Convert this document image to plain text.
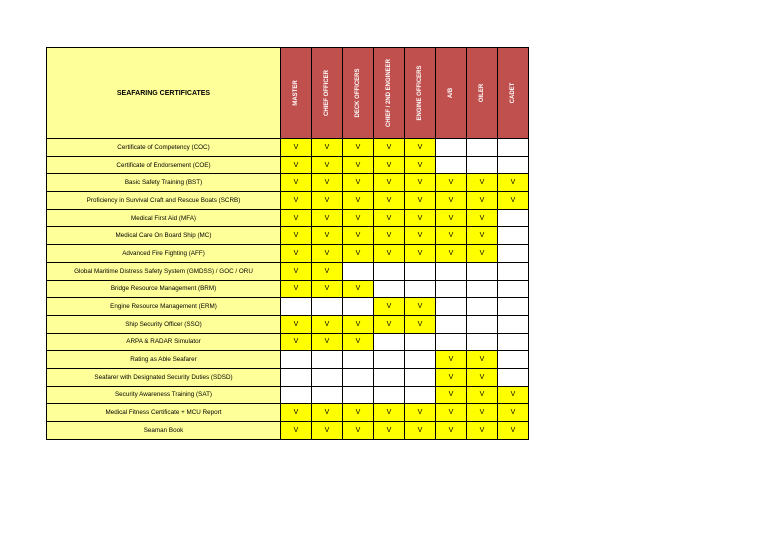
SEAFARING CERTIFICATES	MASTER	CHIEF OFFICER	DECK OFFICERS	CHIEF / 2ND ENGINEER	ENGINE OFFICERS	A/B	OILER	CADET

Certificate of Competency (COC)	V	V	V	V	V			
Certificate of Endorsement (COE)	V	V	V	V	V			
Basic Safety Training (BST)	V	V	V	V	V	V	V	V
Proficiency in Survival Craft and Rescue Boats (SCRB)	V	V	V	V	V	V	V	V
Medical First Aid (MFA)	V	V	V	V	V	V	V	
Medical Care On Board Ship (MC)	V	V	V	V	V	V	V	
Advanced Fire Fighting (AFF)	V	V	V	V	V	V	V	
Global Maritime Distress Safety System (GMDSS) / GOC / ORU	V	V						
Bridge Resource Management (BRM)	V	V	V					
Engine Resource Management (ERM)				V	V			
Ship Security Officer (SSO)	V	V	V	V	V			
ARPA & RADAR Simulator	V	V	V					
Rating as Able Seafarer						V	V	
Seafarer with Designated Security Duties (SDSD)						V	V	
Security Awareness Training (SAT)						V	V	V
Medical Fitness Certificate + MCU Report	V	V	V	V	V	V	V	V
Seaman Book	V	V	V	V	V	V	V	V
